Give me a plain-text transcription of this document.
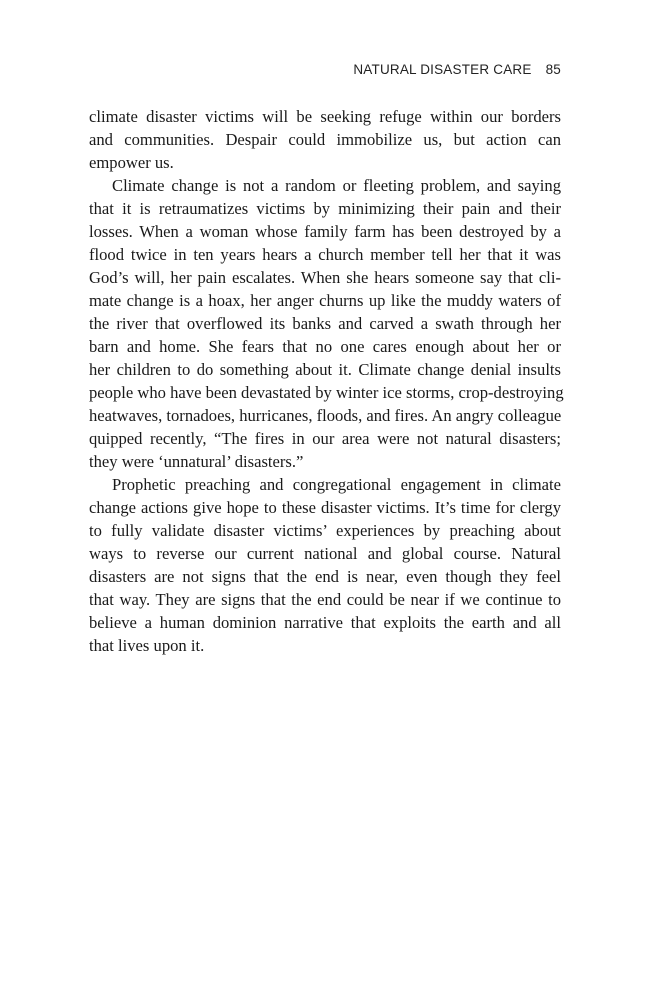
NATURAL DISASTER CARE 85
climate disaster victims will be seeking refuge within our borders
and communities. Despair could immobilize us, but action can
empower us.
Climate change is not a random or fleeting problem, and saying
that it is retraumatizes victims by minimizing their pain and their
losses. When a woman whose family farm has been destroyed by a
flood twice in ten years hears a church member tell her that it was
God’s will, her pain escalates. When she hears someone say that cli-
mate change is a hoax, her anger churns up like the muddy waters of
the river that overflowed its banks and carved a swath through her
barn and home. She fears that no one cares enough about her or
her children to do something about it. Climate change denial insults
people who have been devastated by winter ice storms, crop-destroying
heatwaves, tornadoes, hurricanes, floods, and fires. An angry colleague
quipped recently, “The fires in our area were not natural disasters;
they were ‘unnatural’ disasters.”
Prophetic preaching and congregational engagement in climate
change actions give hope to these disaster victims. It’s time for clergy
to fully validate disaster victims’ experiences by preaching about
ways to reverse our current national and global course. Natural
disasters are not signs that the end is near, even though they feel
that way. They are signs that the end could be near if we continue to
believe a human dominion narrative that exploits the earth and all
that lives upon it.
